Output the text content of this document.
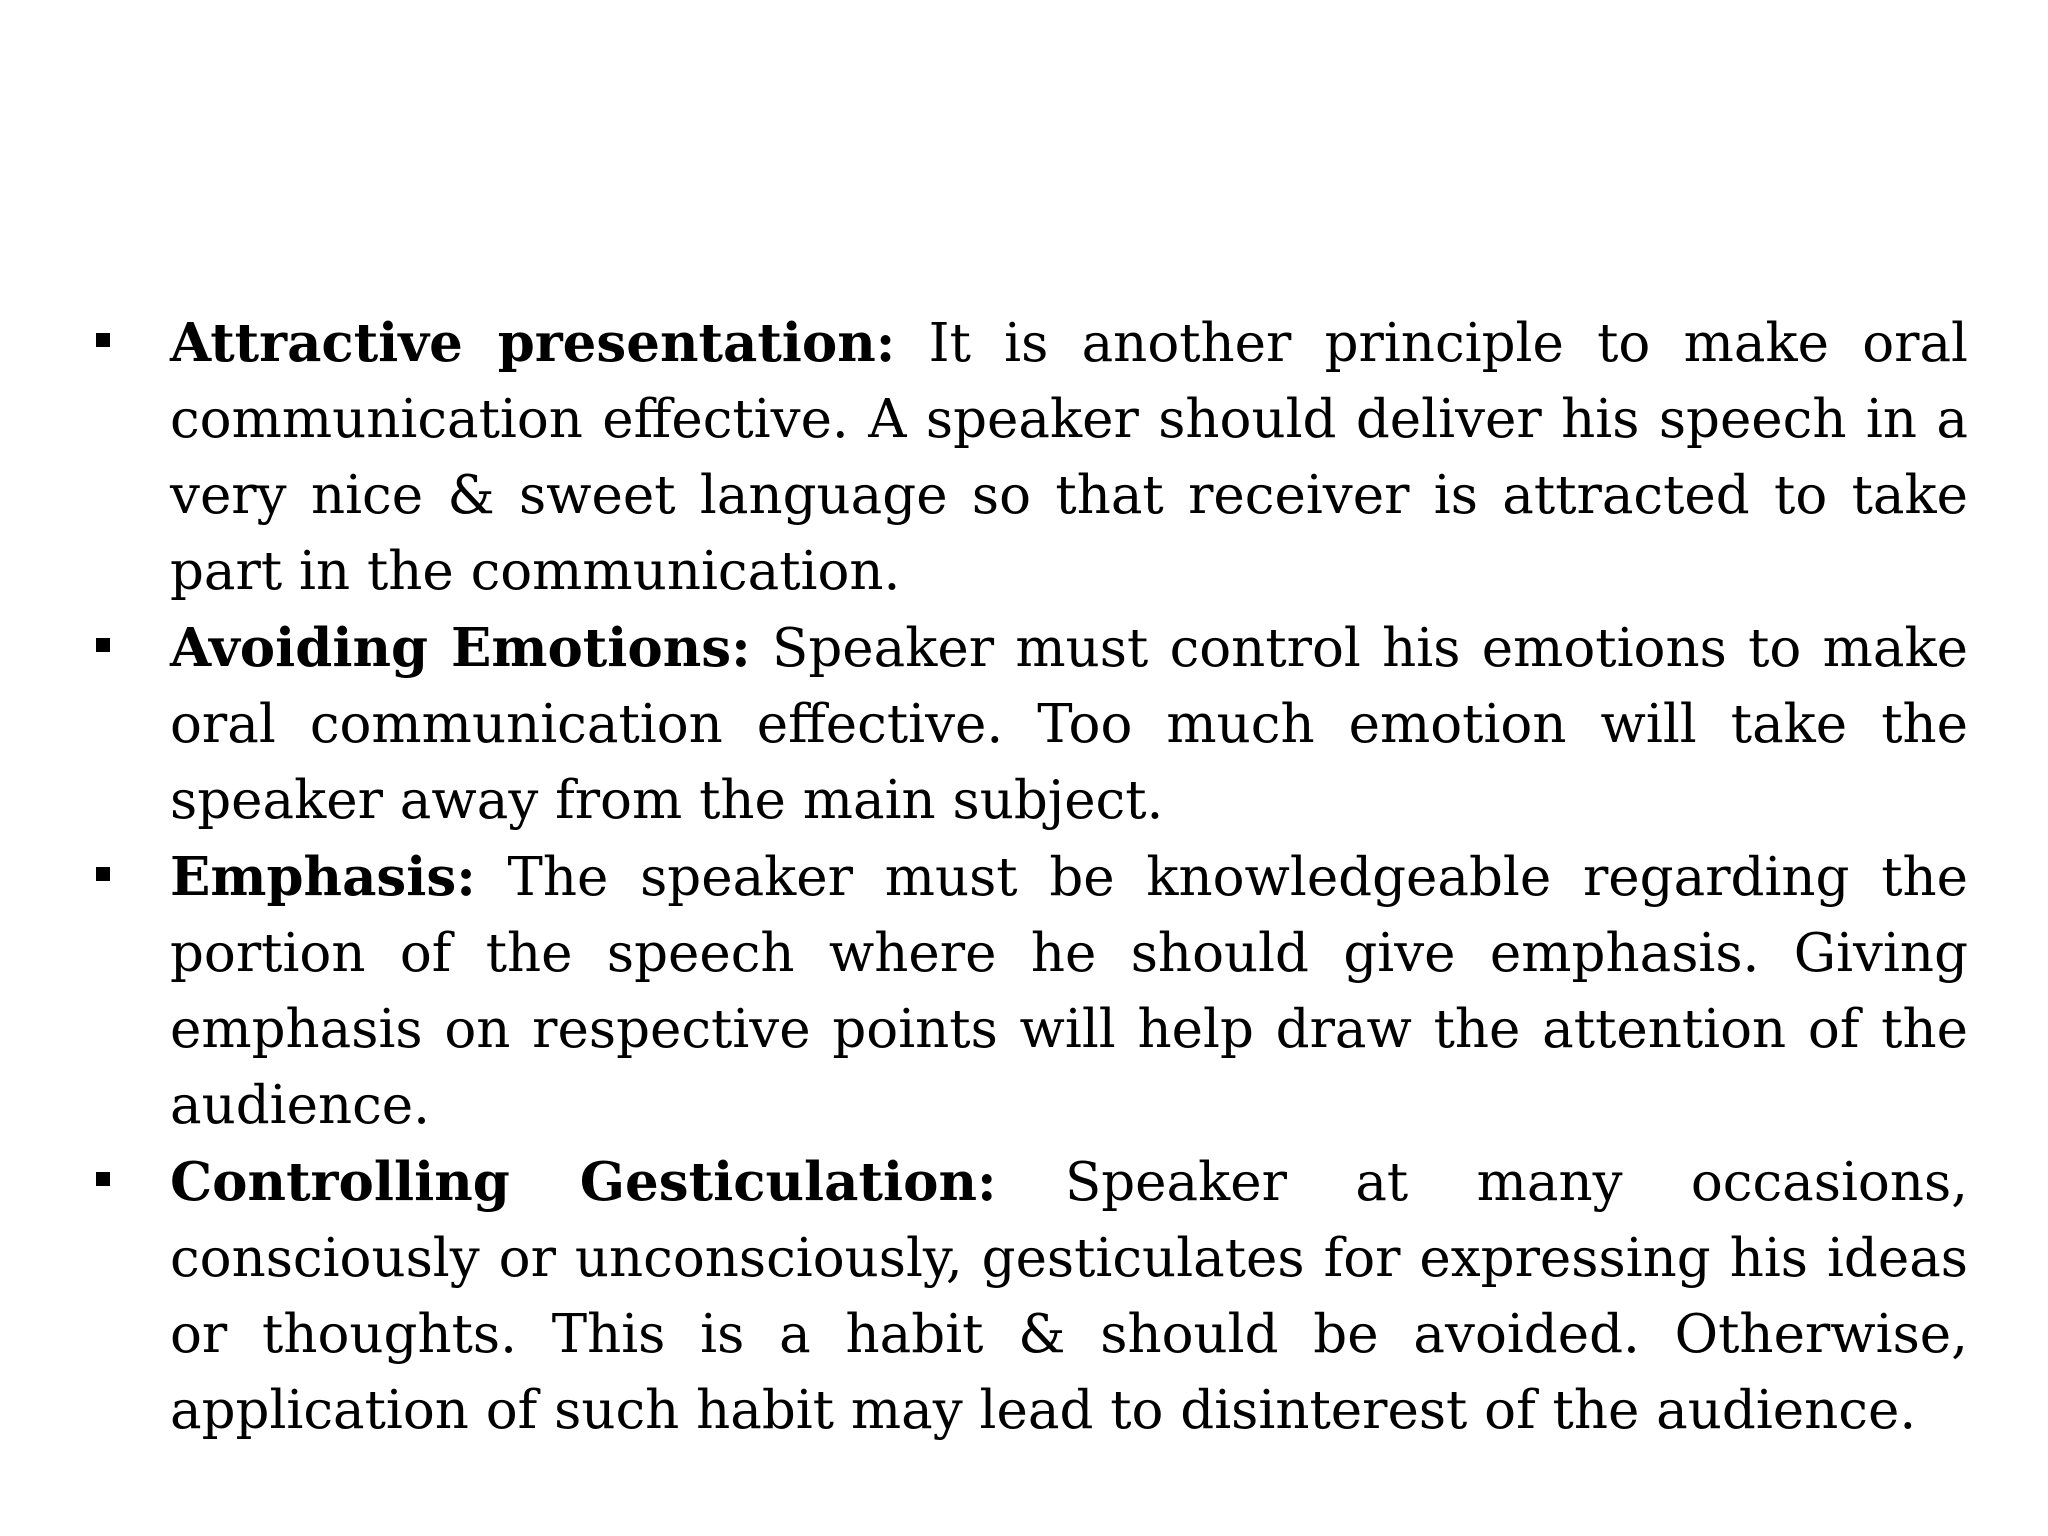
Attractive presentation: It is another principle to make oral communication effective. A speaker should deliver his speech in a very nice & sweet language so that receiver is attracted to take part in the communication.
Avoiding Emotions: Speaker must control his emotions to make oral communication effective. Too much emotion will take the speaker away from the main subject.
Emphasis: The speaker must be knowledgeable regarding the portion of the speech where he should give emphasis. Giving emphasis on respective points will help draw the attention of the audience.
Controlling Gesticulation: Speaker at many occasions, consciously or unconsciously, gesticulates for expressing his ideas or thoughts. This is a habit & should be avoided. Otherwise, application of such habit may lead to disinterest of the audience.
